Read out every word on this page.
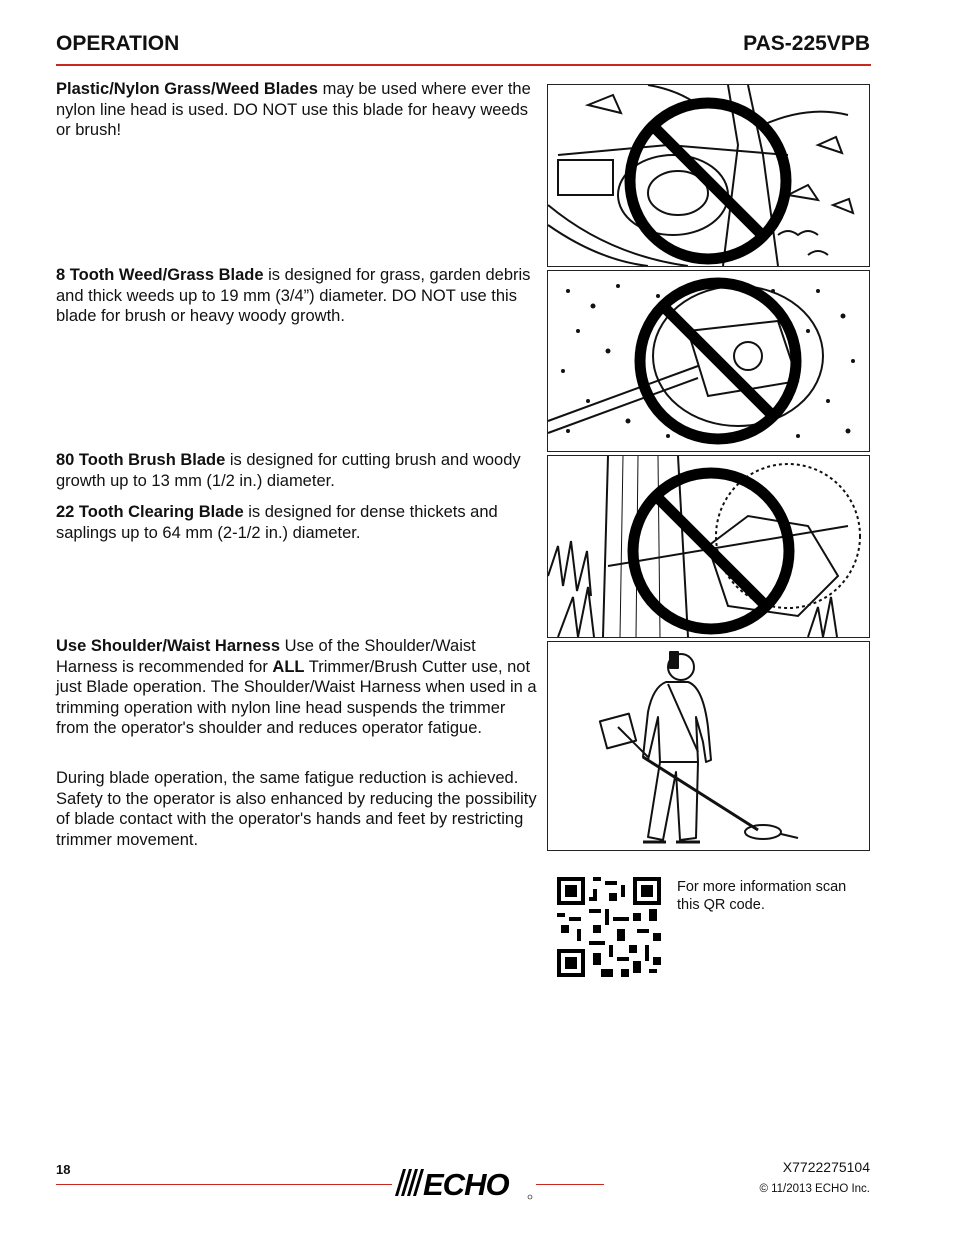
OPERATION	PAS-225VPB
Plastic/Nylon Grass/Weed Blades may be used where ever the nylon line head is used. DO NOT use this blade for heavy weeds or brush!
8 Tooth Weed/Grass Blade is designed for grass, garden debris and thick weeds up to 19 mm (3/4”) diameter. DO NOT use this blade for brush or heavy woody growth.
80 Tooth Brush Blade is designed for cutting brush and woody growth up to 13 mm (1/2 in.) diameter.
22 Tooth Clearing Blade is designed for dense thickets and saplings up to 64 mm (2-1/2 in.) diameter.
Use Shoulder/Waist Harness Use of the Shoulder/Waist Harness is recommended for ALL Trimmer/Brush Cutter use, not just Blade operation. The Shoulder/Waist Harness when used in a trimming operation with nylon line head suspends the trimmer from the operator's shoulder and reduces operator fatigue.
During blade operation, the same fatigue reduction is achieved. Safety to the operator is also enhanced by reducing the possibility of blade contact with the operator's hands and feet by restricting trimmer movement.
For more information scan this QR code.
18	ECHO	X7722275104
© 11/2013 ECHO Inc.
